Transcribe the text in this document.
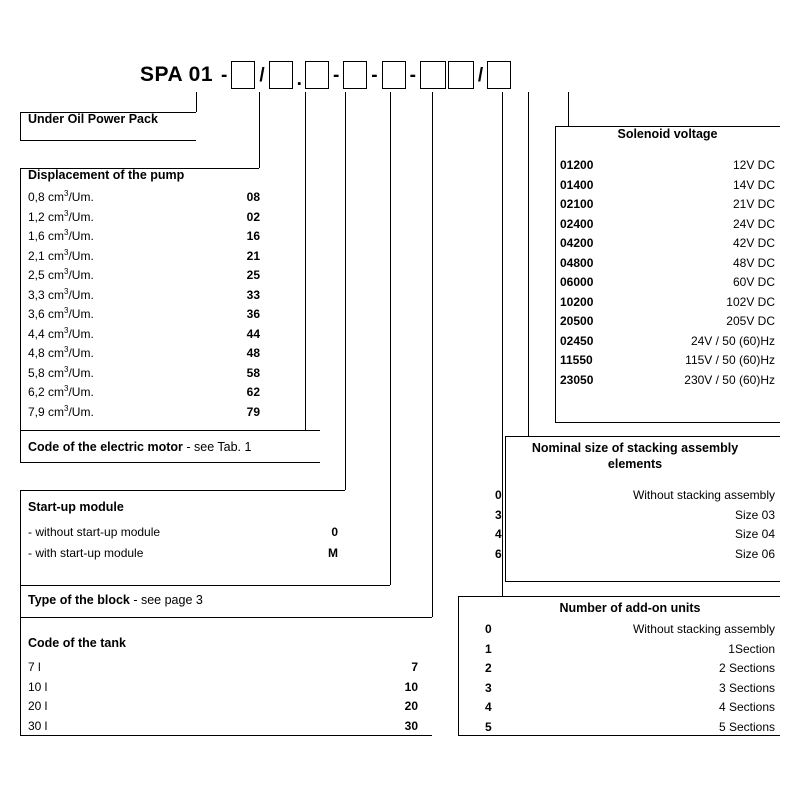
SPA 01 - / . - - -	/
Under Oil Power Pack
Displacement of the pump
0,8 $cm^3/Um$.	08
1,2 $cm^3/Um$.	02
1,6 $cm^3/Um$.	16
2,1 $cm^3/Um$.	21
2,5 $cm^3/Um$.	25
3,3 $cm^3/Um$.	33
3,6 $cm^3/Um$.	36
4,4 $cm^3/Um$.	44
4,8 $cm^3/Um$.	48
5,8 $cm^3/Um$.	58
6,2 $cm^3/Um$.	62
7,9 $cm^3/Um$.	79
Code of the electric motor - see Tab. 1
Start-up module
- without start-up module	0
- with start-up module	M
Type of the block - see page 3
Code of the tank
7 l	7
10 l	10
20 l	20
30 l	30
Solenoid voltage
01200	12V DC
01400	14V DC
02100	21V DC
02400	24V DC
04200	42V DC
04800	48V DC
06000	60V DC
10200	102V DC
20500	205V DC
02450	24V / 50 (60)Hz
11550	115V / 50 (60)Hz
23050	230V / 50 (60)Hz
Nominal size of stacking assembly
elements
0	Without stacking assembly
3	Size 03
4	Size 04
6	Size 06
Number of add-on units
0	Without stacking assembly
1	1Section
2	2 Sections
3	3 Sections
4	4 Sections
5	5 Sections
